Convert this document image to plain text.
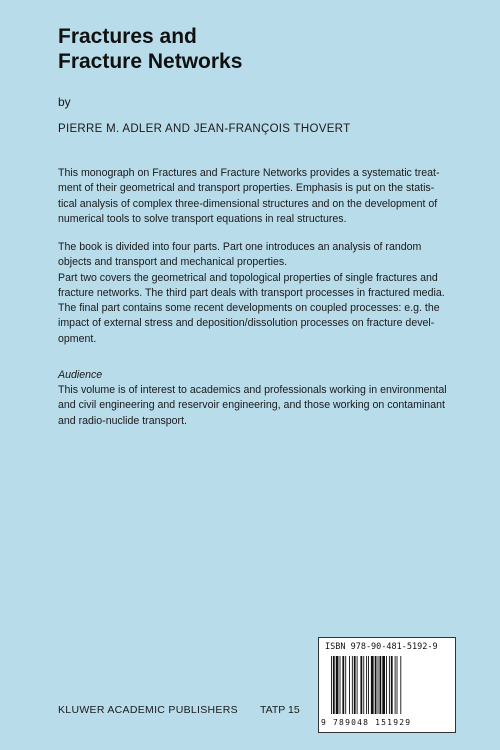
Fractures and
Fracture Networks
by
PIERRE M. ADLER AND JEAN-FRANÇOIS THOVERT

This monograph on Fractures and Fracture Networks provides a systematic treat-

ment of their geometrical and transport properties. Emphasis is put on the statis-

tical analysis of complex three-dimensional structures and on the development of

numerical tools to solve transport equations in real structures.

The book is divided into four parts. Part one introduces an analysis of random

objects and transport and mechanical properties.

Part two covers the geometrical and topological properties of single fractures and

fracture networks. The third part deals with transport processes in fractured media.

The final part contains some recent developments on coupled processes: e.g. the

impact of external stress and deposition/dissolution processes on fracture devel-

opment.

Audience

This volume is of interest to academics and professionals working in environmental

and civil engineering and reservoir engineering, and those working on contaminant

and radio-nuclide transport.

ISBN 978-90-481-5192-9
9 789048 151929
KLUWER ACADEMIC PUBLISHERS TATP 15
